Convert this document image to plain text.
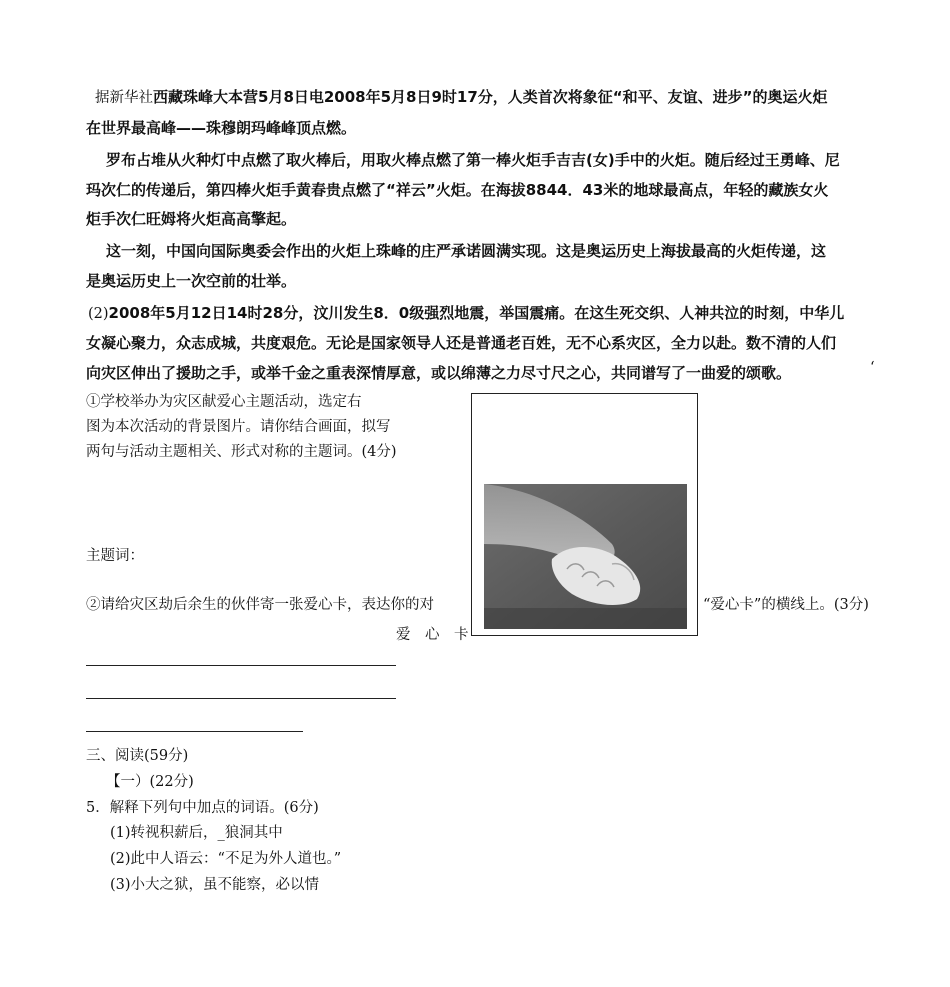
据新华社西藏珠峰大本营5月8日电2008年5月8日9时17分，人类首次将象征“和平、友谊、进步”的奥运火炬
在世界最高峰——珠穆朗玛峰峰顶点燃。
罗布占堆从火种灯中点燃了取火棒后，用取火棒点燃了第一棒火炬手吉吉(女)手中的火炬。随后经过王勇峰、尼
玛次仁的传递后，第四棒火炬手黄春贵点燃了“祥云”火炬。在海拔8844．43米的地球最高点，年轻的藏族女火
炬手次仁旺姆将火炬高高擎起。
这一刻，中国向国际奥委会作出的火炬上珠峰的庄严承诺圆满实现。这是奥运历史上海拔最高的火炬传递，这
是奥运历史上一次空前的壮举。
(2)2008年5月12日14时28分，汶川发生8．0级强烈地震，举国震痛。在这生死交织、人神共泣的时刻，中华儿
女凝心聚力，众志成城，共度艰危。无论是国家领导人还是普通老百姓，无不心系灾区，全力以赴。数不清的人们
向灾区伸出了援助之手，或举千金之重表深情厚意，或以绵薄之力尽寸尺之心，共同谱写了一曲爱的颂歌。	‘
①学校举办为灾区献爱心主题活动，选定右
图为本次活动的背景图片。请你结合画面，拟写
两句与活动主题相关、形式对称的主题词。(4分)
主题词：
②请给灾区劫后余生的伙伴寄一张爱心卡，表达你的对	“爱心卡”的横线上。(3分)
爱　心　卡
三、阅读(59分)
【一）(22分)
5．解释下列句中加点的词语。(6分)
(1)转视积薪后，_狼洞其中
(2)此中人语云：“不足为外人道也。”
(3)小大之狱，虽不能察，必以情
